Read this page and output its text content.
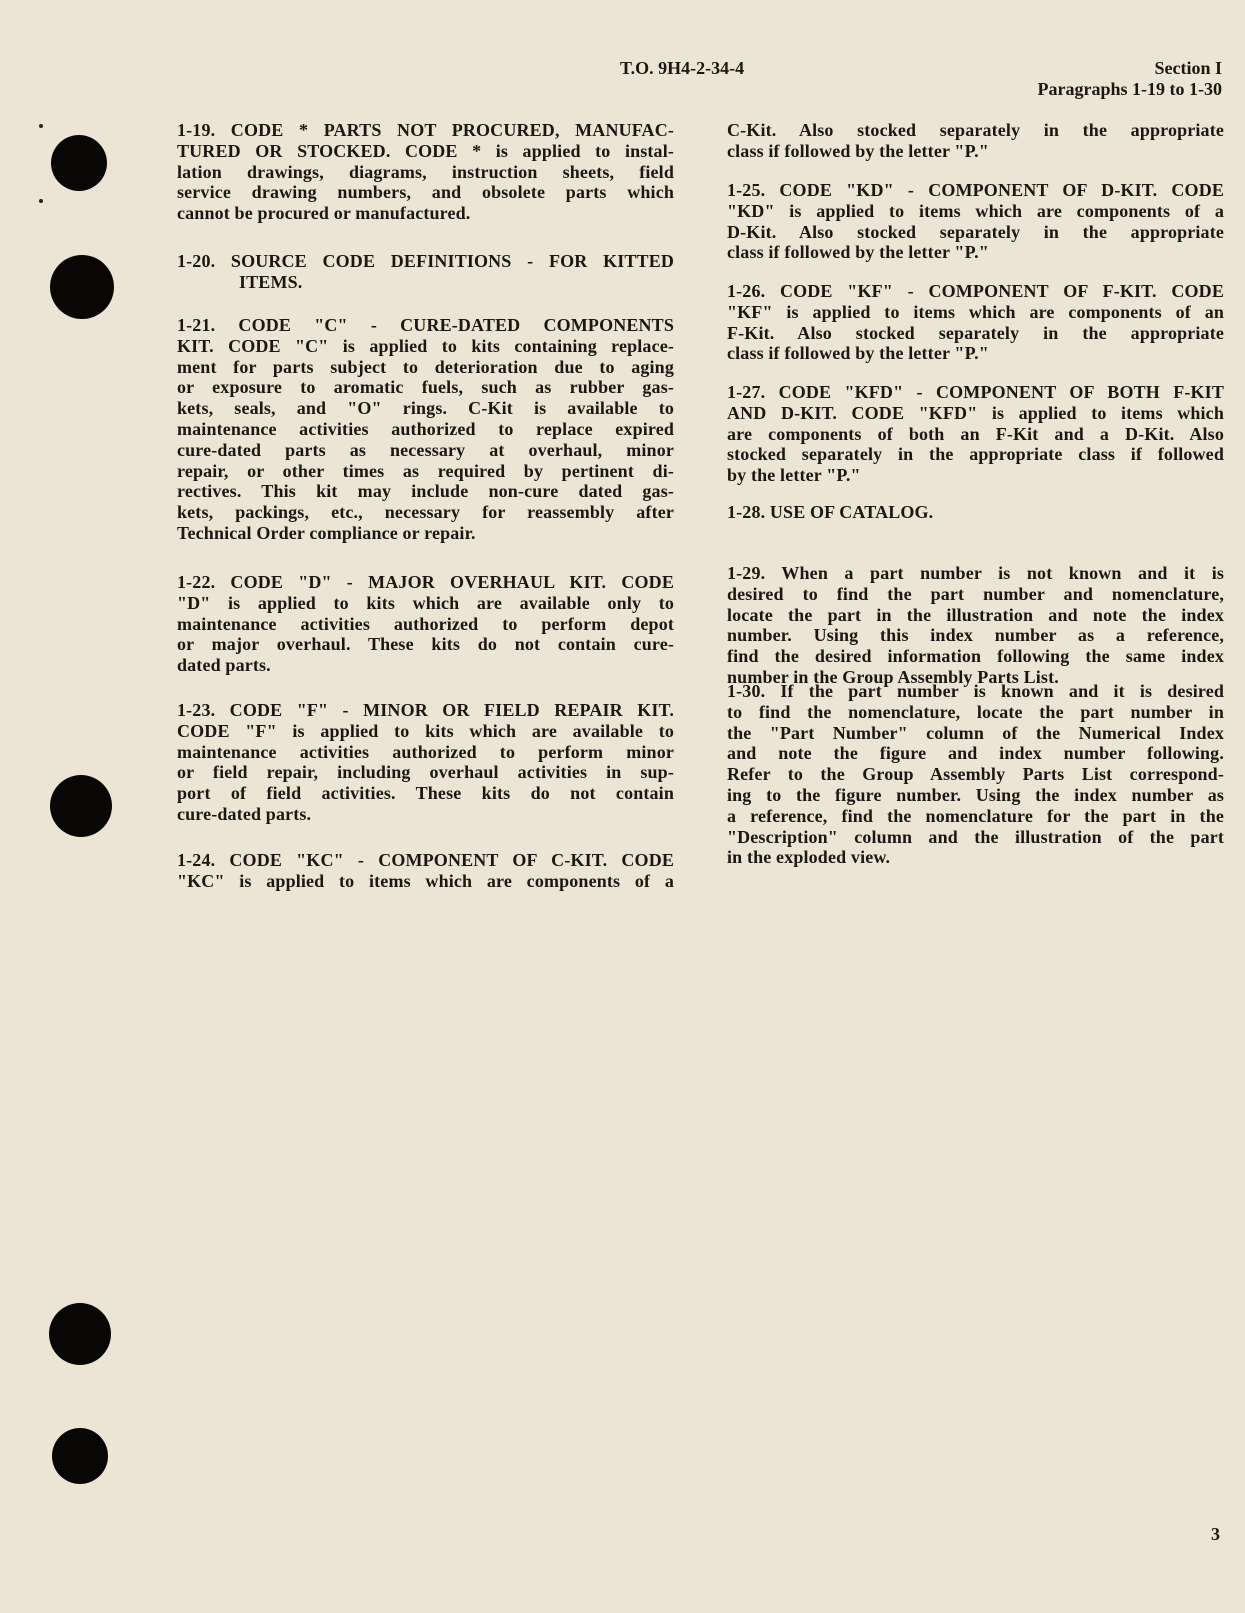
T.O. 9H4-2-34-4	Section I
Paragraphs 1-19 to 1-30
1-19. CODE * PARTS NOT PROCURED, MANUFAC-
TURED OR STOCKED. CODE * is applied to instal-
lation drawings, diagrams, instruction sheets, field
service drawing numbers, and obsolete parts which
cannot be procured or manufactured.
1-20. SOURCE CODE DEFINITIONS - FOR KITTED
ITEMS.
1-21. CODE "C" - CURE-DATED COMPONENTS
KIT. CODE "C" is applied to kits containing replace-
ment for parts subject to deterioration due to aging
or exposure to aromatic fuels, such as rubber gas-
kets, seals, and "O" rings. C-Kit is available to
maintenance activities authorized to replace expired
cure-dated parts as necessary at overhaul, minor
repair, or other times as required by pertinent di-
rectives. This kit may include non-cure dated gas-
kets, packings, etc., necessary for reassembly after
Technical Order compliance or repair.
1-22. CODE "D" - MAJOR OVERHAUL KIT. CODE
"D" is applied to kits which are available only to
maintenance activities authorized to perform depot
or major overhaul. These kits do not contain cure-
dated parts.
1-23. CODE "F" - MINOR OR FIELD REPAIR KIT.
CODE "F" is applied to kits which are available to
maintenance activities authorized to perform minor
or field repair, including overhaul activities in sup-
port of field activities. These kits do not contain
cure-dated parts.
1-24. CODE "KC" - COMPONENT OF C-KIT. CODE
"KC" is applied to items which are components of a
C-Kit. Also stocked separately in the appropriate
class if followed by the letter "P."
1-25. CODE "KD" - COMPONENT OF D-KIT. CODE
"KD" is applied to items which are components of a
D-Kit. Also stocked separately in the appropriate
class if followed by the letter "P."
1-26. CODE "KF" - COMPONENT OF F-KIT. CODE
"KF" is applied to items which are components of an
F-Kit. Also stocked separately in the appropriate
class if followed by the letter "P."
1-27. CODE "KFD" - COMPONENT OF BOTH F-KIT
AND D-KIT. CODE "KFD" is applied to items which
are components of both an F-Kit and a D-Kit. Also
stocked separately in the appropriate class if followed
by the letter "P."
1-28. USE OF CATALOG.
1-29. When a part number is not known and it is
desired to find the part number and nomenclature,
locate the part in the illustration and note the index
number. Using this index number as a reference,
find the desired information following the same index
number in the Group Assembly Parts List.
1-30. If the part number is known and it is desired
to find the nomenclature, locate the part number in
the "Part Number" column of the Numerical Index
and note the figure and index number following.
Refer to the Group Assembly Parts List correspond-
ing to the figure number. Using the index number as
a reference, find the nomenclature for the part in the
"Description" column and the illustration of the part
in the exploded view.
3
